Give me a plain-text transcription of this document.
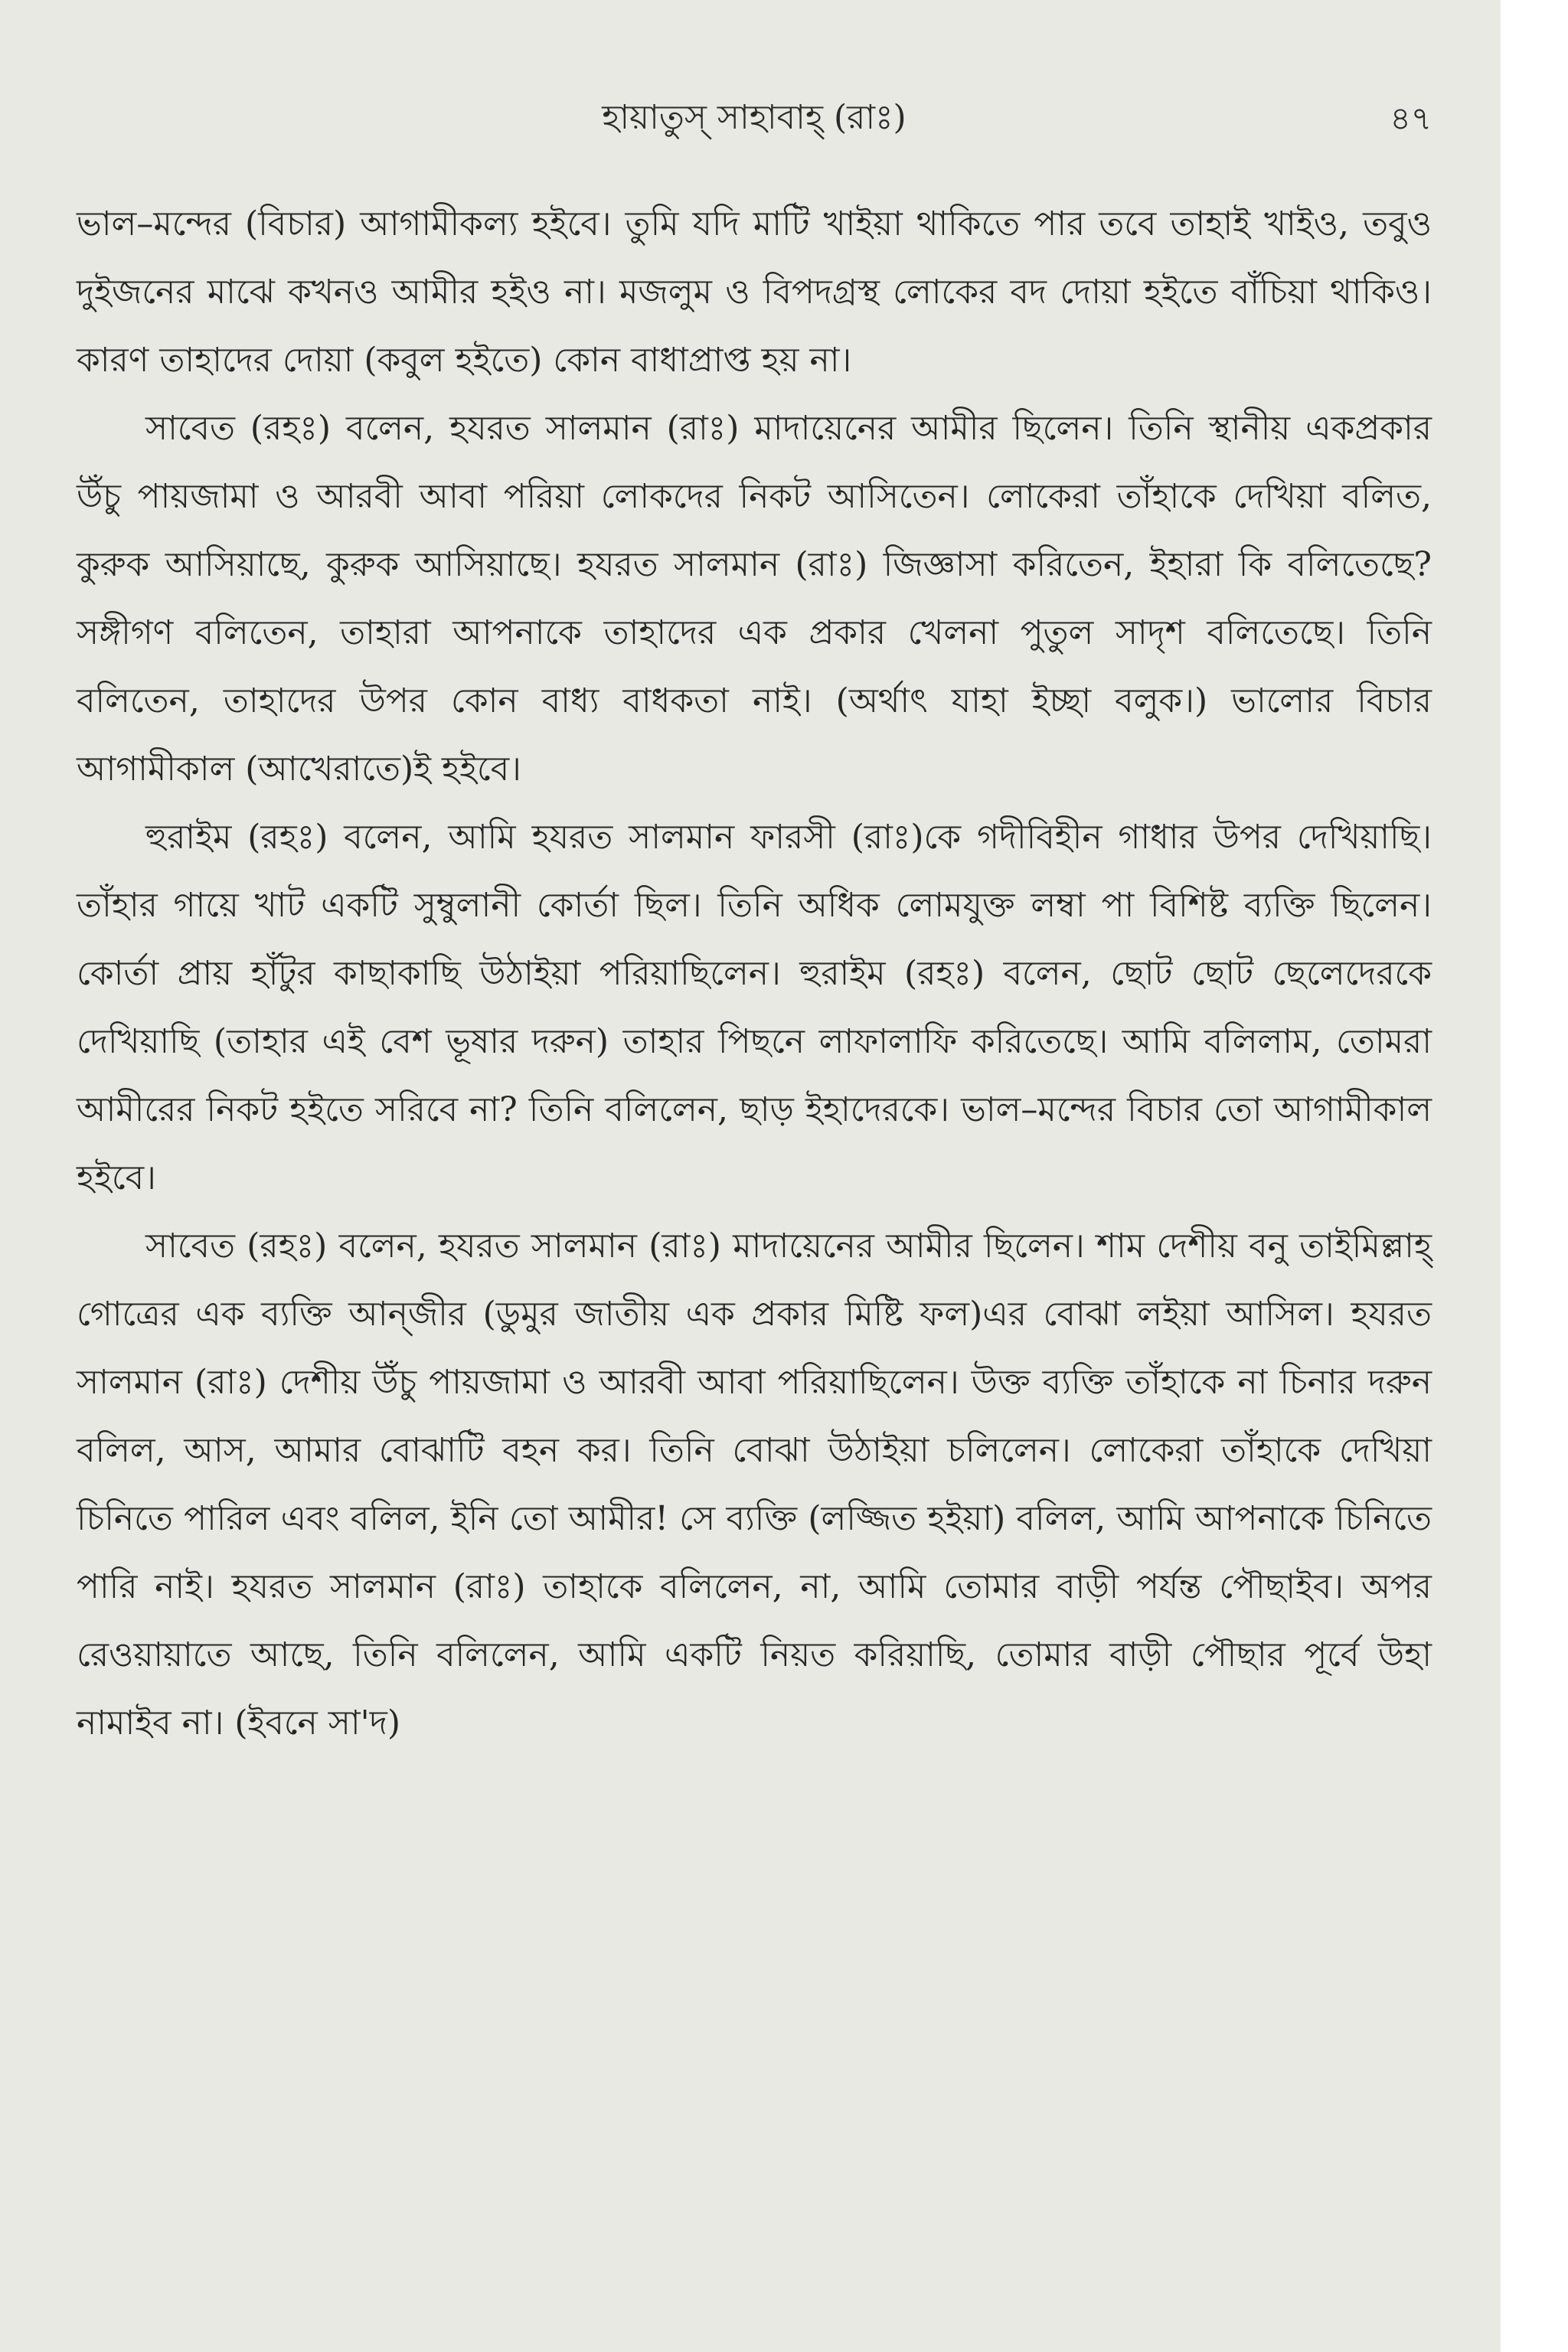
হায়াতুস্ সাহাবাহ্ (রাঃ)	৪৭

ভাল–মন্দের (বিচার) আগামীকল্য হইবে। তুমি যদি মাটি খাইয়া থাকিতে পার তবে তাহাই খাইও, তবুও দুইজনের মাঝে কখনও আমীর হইও না। মজলুম ও বিপদগ্রস্থ লোকের বদ দোয়া হইতে বাঁচিয়া থাকিও। কারণ তাহাদের দোয়া (কবুল হইতে) কোন বাধাপ্রাপ্ত হয় না।

সাবেত (রহঃ) বলেন, হযরত সালমান (রাঃ) মাদায়েনের আমীর ছিলেন। তিনি স্থানীয় একপ্রকার উঁচু পায়জামা ও আরবী আবা পরিয়া লোকদের নিকট আসিতেন। লোকেরা তাঁহাকে দেখিয়া বলিত, কুরুক আসিয়াছে, কুরুক আসিয়াছে। হযরত সালমান (রাঃ) জিজ্ঞাসা করিতেন, ইহারা কি বলিতেছে? সঙ্গীগণ বলিতেন, তাহারা আপনাকে তাহাদের এক প্রকার খেলনা পুতুল সাদৃশ বলিতেছে। তিনি বলিতেন, তাহাদের উপর কোন বাধ্য বাধকতা নাই। (অর্থাৎ যাহা ইচ্ছা বলুক।) ভালোর বিচার আগামীকাল (আখেরাতে)ই হইবে।

হুরাইম (রহঃ) বলেন, আমি হযরত সালমান ফারসী (রাঃ)কে গদীবিহীন গাধার উপর দেখিয়াছি। তাঁহার গায়ে খাট একটি সুম্বুলানী কোর্তা ছিল। তিনি অধিক লোমযুক্ত লম্বা পা বিশিষ্ট ব্যক্তি ছিলেন। কোর্তা প্রায় হাঁটুর কাছাকাছি উঠাইয়া পরিয়াছিলেন। হুরাইম (রহঃ) বলেন, ছোট ছোট ছেলেদেরকে দেখিয়াছি (তাহার এই বেশ ভূষার দরুন) তাহার পিছনে লাফালাফি করিতেছে। আমি বলিলাম, তোমরা আমীরের নিকট হইতে সরিবে না? তিনি বলিলেন, ছাড় ইহাদেরকে। ভাল–মন্দের বিচার তো আগামীকাল হইবে।

সাবেত (রহঃ) বলেন, হযরত সালমান (রাঃ) মাদায়েনের আমীর ছিলেন। শাম দেশীয় বনু তাইমিল্লাহ্ গোত্রের এক ব্যক্তি আন্‌জীর (ডুমুর জাতীয় এক প্রকার মিষ্টি ফল)এর বোঝা লইয়া আসিল। হযরত সালমান (রাঃ) দেশীয় উঁচু পায়জামা ও আরবী আবা পরিয়াছিলেন। উক্ত ব্যক্তি তাঁহাকে না চিনার দরুন বলিল, আস, আমার বোঝাটি বহন কর। তিনি বোঝা উঠাইয়া চলিলেন। লোকেরা তাঁহাকে দেখিয়া চিনিতে পারিল এবং বলিল, ইনি তো আমীর! সে ব্যক্তি (লজ্জিত হইয়া) বলিল, আমি আপনাকে চিনিতে পারি নাই। হযরত সালমান (রাঃ) তাহাকে বলিলেন, না, আমি তোমার বাড়ী পর্যন্ত পৌছাইব। অপর রেওয়ায়াতে আছে, তিনি বলিলেন, আমি একটি নিয়ত করিয়াছি, তোমার বাড়ী পৌছার পূর্বে উহা নামাইব না। (ইবনে সা'দ)
